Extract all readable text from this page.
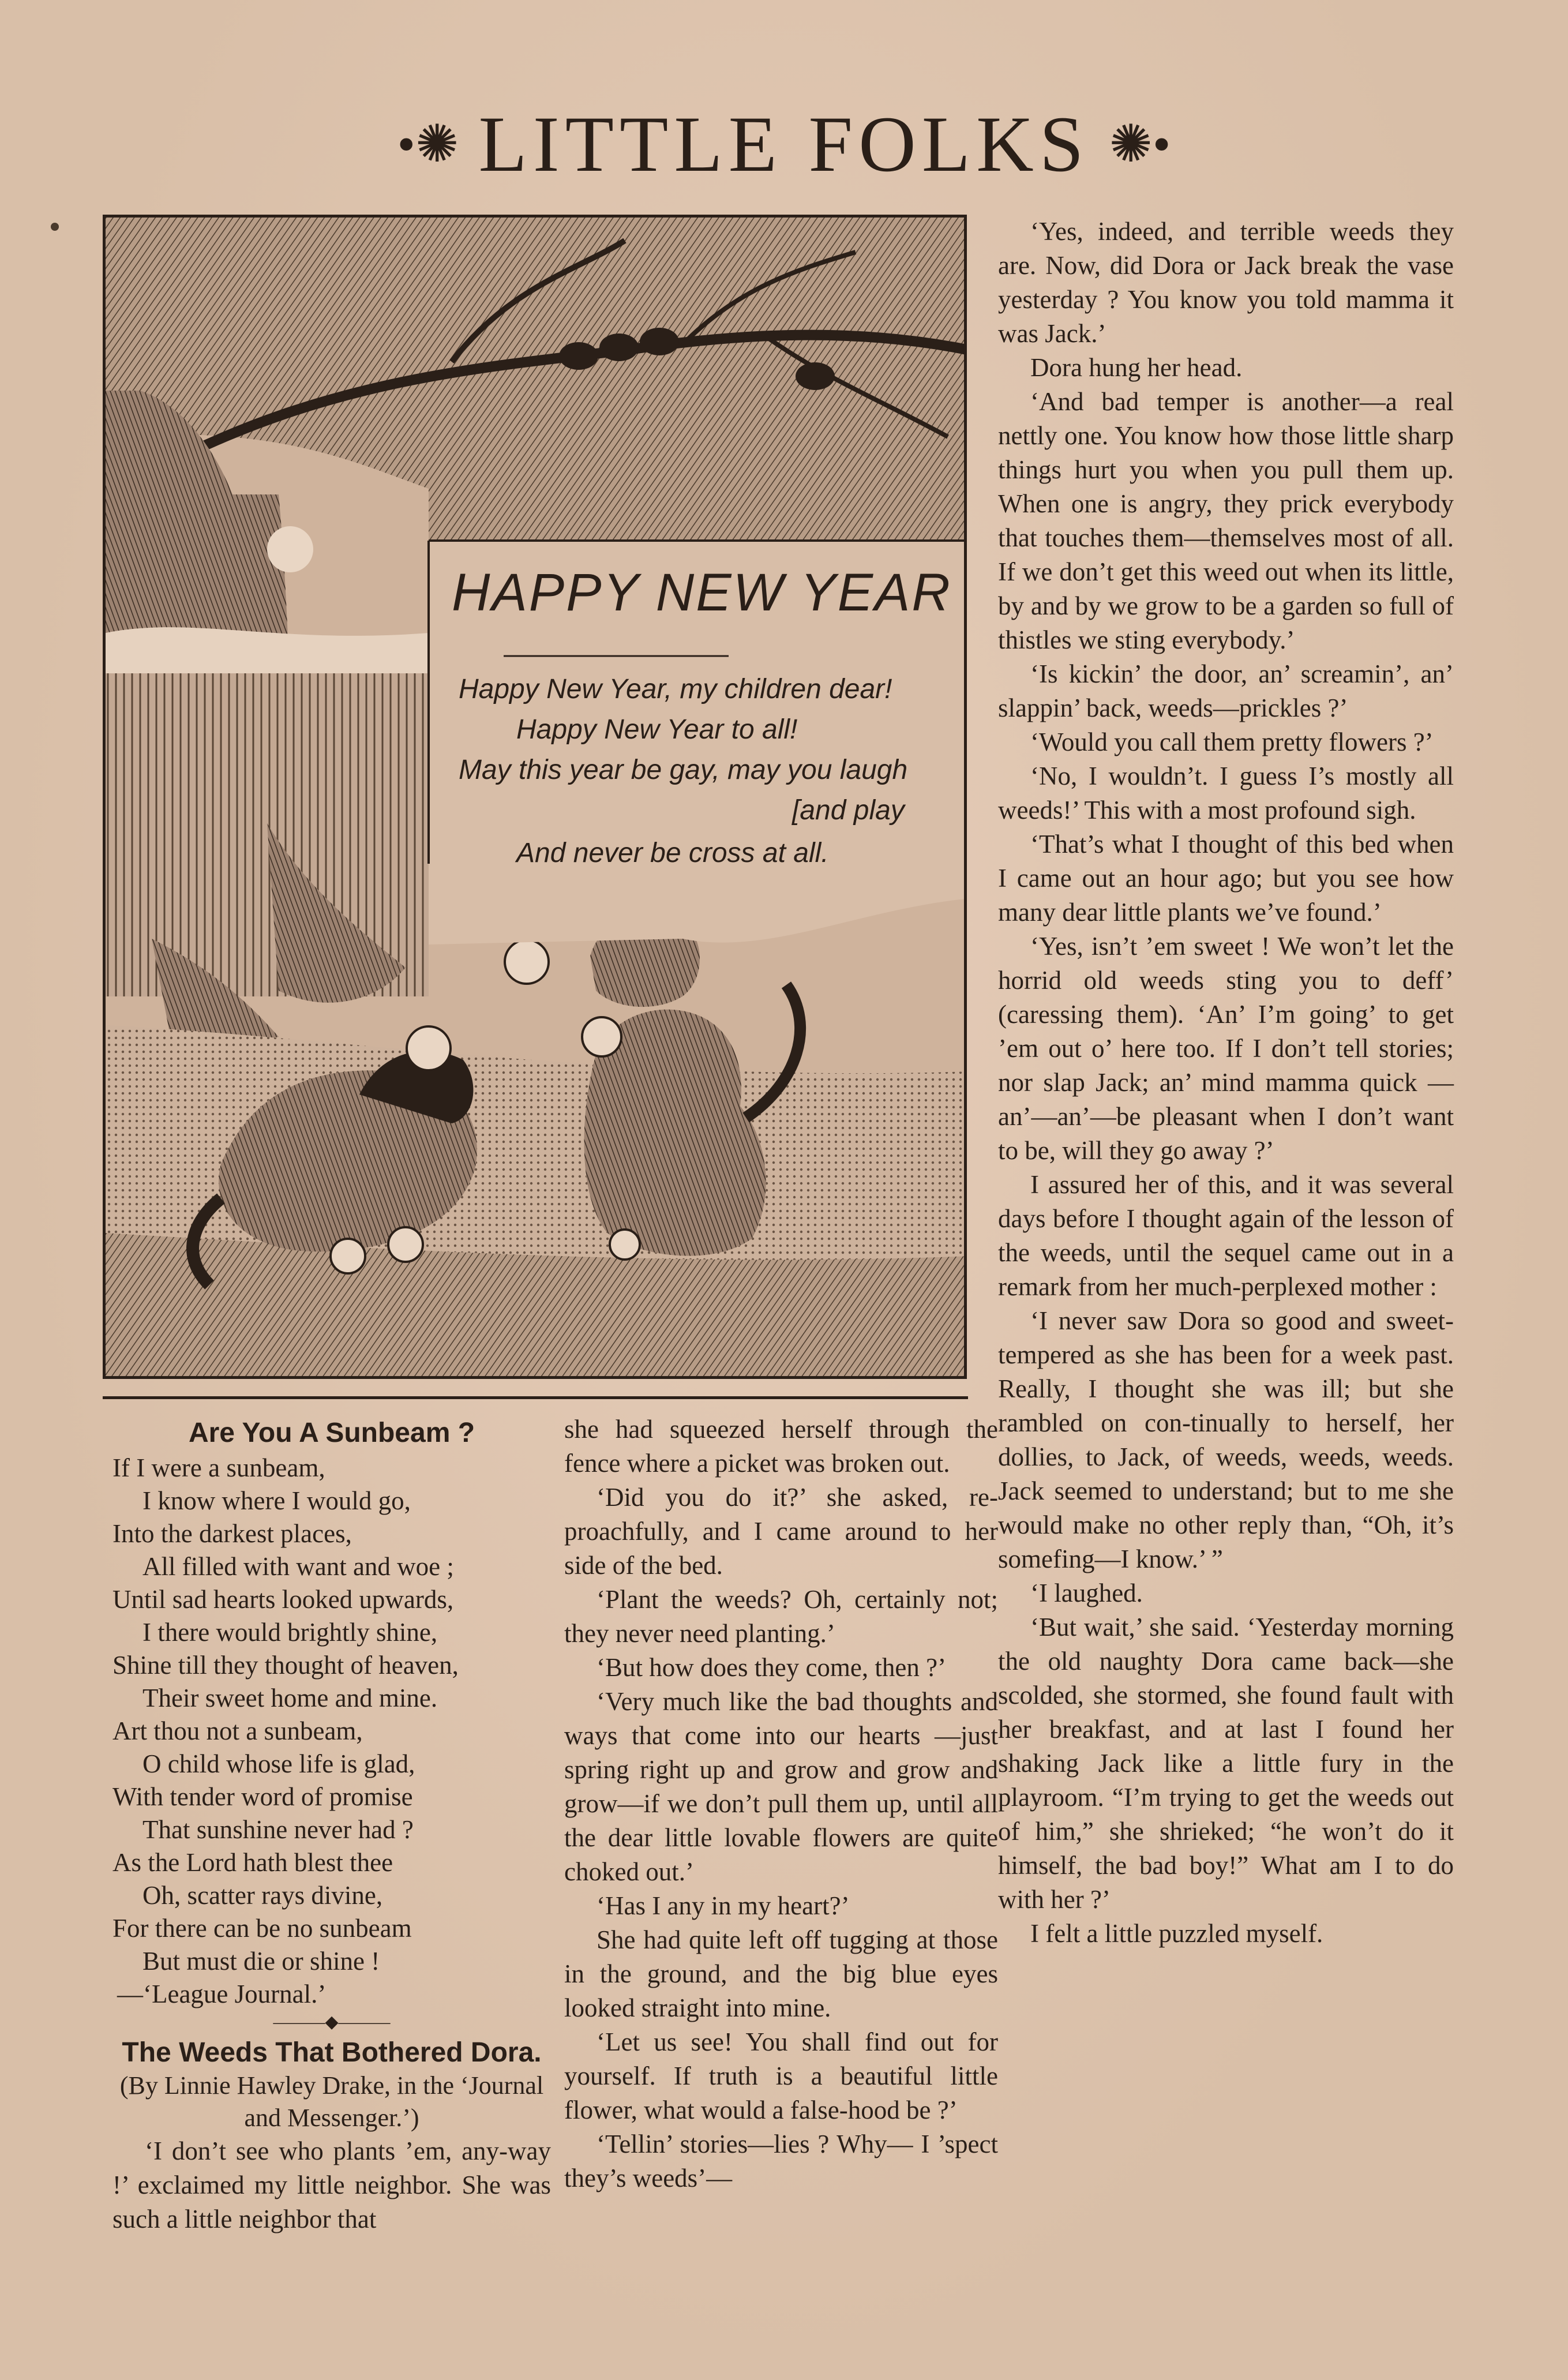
•✺ LITTLE FOLKS ✺•
HAPPY NEW YEAR
Happy New Year, my children dear!
Happy New Year to all!
May this year be gay, may you laugh
[and play
And never be cross at all.
Are You A Sunbeam ?
If I were a sunbeam,
I know where I would go,
Into the darkest places,
All filled with want and woe ;
Until sad hearts looked upwards,
I there would brightly shine,
Shine till they thought of heaven,
Their sweet home and mine.
Art thou not a sunbeam,
O child whose life is glad,
With tender word of promise
That sunshine never had ?
As the Lord hath blest thee
Oh, scatter rays divine,
For there can be no sunbeam
But must die or shine !
—‘League Journal.’
———◆———
The Weeds That Bothered Dora.
(By Linnie Hawley Drake, in the ‘Journal and Messenger.’)

‘I don’t see who plants ’em, any-way !’ exclaimed my little neighbor. She was such a little neighbor that

she had squeezed herself through the fence where a picket was broken out.

‘Did you do it?’ she asked, re-proachfully, and I came around to her side of the bed.

‘Plant the weeds? Oh, certainly not; they never need planting.’

‘But how does they come, then ?’

‘Very much like the bad thoughts and ways that come into our hearts —just spring right up and grow and grow and grow—if we don’t pull them up, until all the dear little lovable flowers are quite choked out.’

‘Has I any in my heart?’

She had quite left off tugging at those in the ground, and the big blue eyes looked straight into mine.

‘Let us see! You shall find out for yourself. If truth is a beautiful little flower, what would a false-hood be ?’

‘Tellin’ stories—lies ? Why— I ’spect they’s weeds’—

‘Yes, indeed, and terrible weeds they are. Now, did Dora or Jack break the vase yesterday ? You know you told mamma it was Jack.’

Dora hung her head.

‘And bad temper is another—a real nettly one. You know how those little sharp things hurt you when you pull them up. When one is angry, they prick everybody that touches them—themselves most of all. If we don’t get this weed out when its little, by and by we grow to be a garden so full of thistles we sting everybody.’

‘Is kickin’ the door, an’ screamin’, an’ slappin’ back, weeds—prickles ?’

‘Would you call them pretty flowers ?’

‘No, I wouldn’t. I guess I’s mostly all weeds!’ This with a most profound sigh.

‘That’s what I thought of this bed when I came out an hour ago; but you see how many dear little plants we’ve found.’

‘Yes, isn’t ’em sweet ! We won’t let the horrid old weeds sting you to deff’ (caressing them). ‘An’ I’m going’ to get ’em out o’ here too. If I don’t tell stories; nor slap Jack; an’ mind mamma quick —an’—an’—be pleasant when I don’t want to be, will they go away ?’

I assured her of this, and it was several days before I thought again of the lesson of the weeds, until the sequel came out in a remark from her much-perplexed mother :

‘I never saw Dora so good and sweet-tempered as she has been for a week past. Really, I thought she was ill; but she rambled on con-tinually to herself, her dollies, to Jack, of weeds, weeds, weeds. Jack seemed to understand; but to me she would make no other reply than, “Oh, it’s somefing—I know.’ ”

‘I laughed.

‘But wait,’ she said. ‘Yesterday morning the old naughty Dora came back—she scolded, she stormed, she found fault with her breakfast, and at last I found her shaking Jack like a little fury in the playroom. “I’m trying to get the weeds out of him,” she shrieked; “he won’t do it himself, the bad boy!” What am I to do with her ?’

I felt a little puzzled myself.
